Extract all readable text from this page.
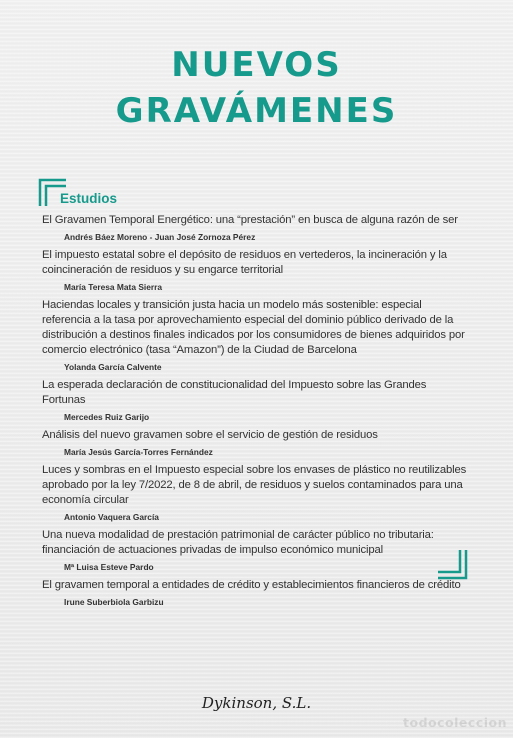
NUEVOS
GRAVÁMENES
Estudios
El Gravamen Temporal Energético: una “prestación” en busca de alguna razón de ser
Andrés Báez Moreno - Juan José Zornoza Pérez
El impuesto estatal sobre el depósito de residuos en vertederos, la incineración y la coincineración de residuos y su engarce territorial
María Teresa Mata Sierra
Haciendas locales y transición justa hacia un modelo más sostenible: especial referencia a la tasa por aprovechamiento especial del dominio público derivado de la distribución a destinos finales indicados por los consumidores de bienes adquiridos por comercio electrónico (tasa “Amazon”) de la Ciudad de Barcelona
Yolanda García Calvente
La esperada declaración de constitucionalidad del Impuesto sobre las Grandes Fortunas
Mercedes Ruiz Garijo
Análisis del nuevo gravamen sobre el servicio de gestión de residuos
María Jesús García-Torres Fernández
Luces y sombras en el Impuesto especial sobre los envases de plástico no reutilizables aprobado por la ley 7/2022, de 8 de abril, de residuos y suelos contaminados para una economía circular
Antonio Vaquera García
Una nueva modalidad de prestación patrimonial de carácter público no tributaria: financiación de actuaciones privadas de impulso económico municipal
Mª Luisa Esteve Pardo
El gravamen temporal a entidades de crédito y establecimientos financieros de crédito
Irune Suberbiola Garbizu
Dykinson, S.L.
todocoleccion
